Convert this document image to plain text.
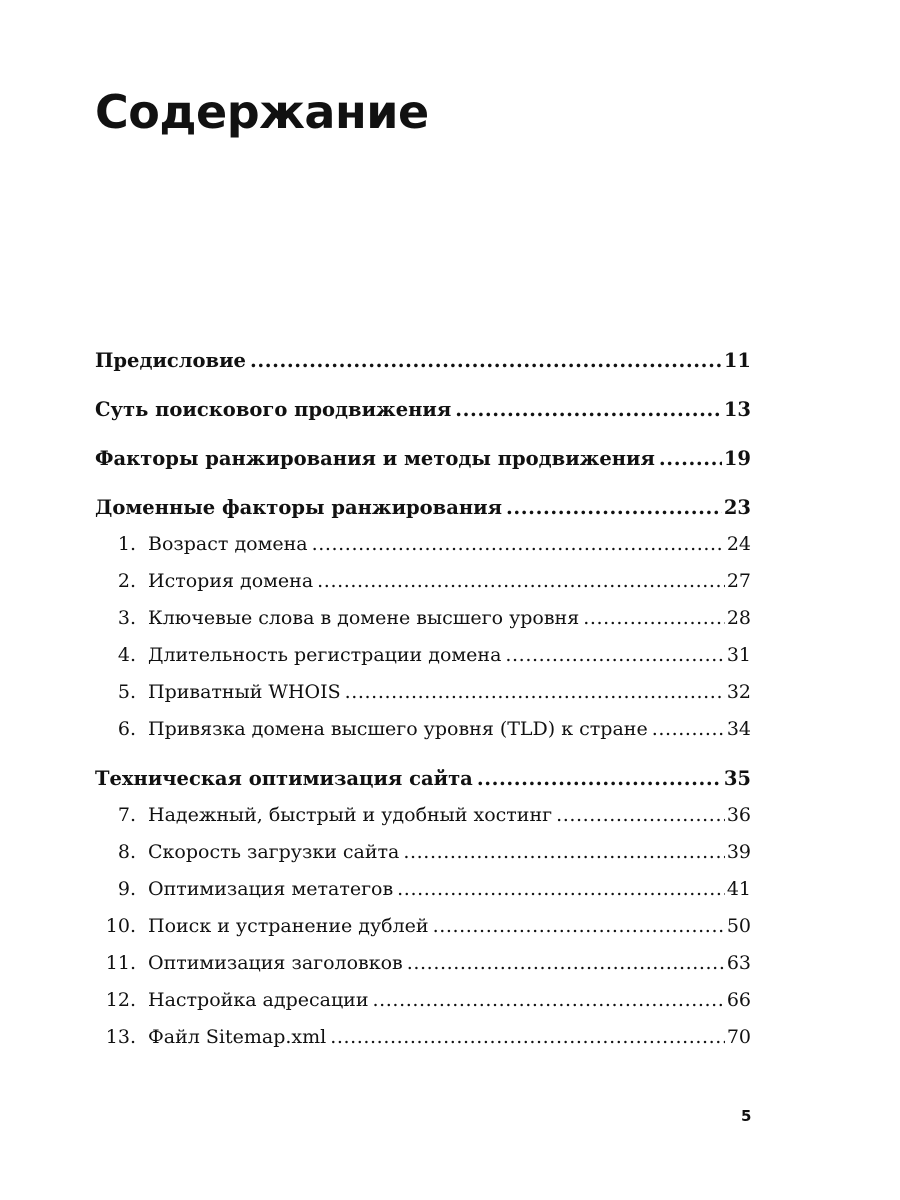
Содержание
Предисловие .....	11
Суть поискового продвижения .....	13
Факторы ранжирования и методы продвижения .....	19
Доменные факторы ранжирования .....	23
1. Возраст домена .....	24
2. История домена .....	27
3. Ключевые слова в домене высшего уровня .....	28
4. Длительность регистрации домена .....	31
5. Приватный WHOIS .....	32
6. Привязка домена высшего уровня (TLD) к стране .....	34
Техническая оптимизация сайта .....	35
7. Надежный, быстрый и удобный хостинг .....	36
8. Скорость загрузки сайта .....	39
9. Оптимизация метатегов .....	41
10. Поиск и устранение дублей .....	50
11. Оптимизация заголовков .....	63
12. Настройка адресации .....	66
13. Файл Sitemap.xml .....	70
5
